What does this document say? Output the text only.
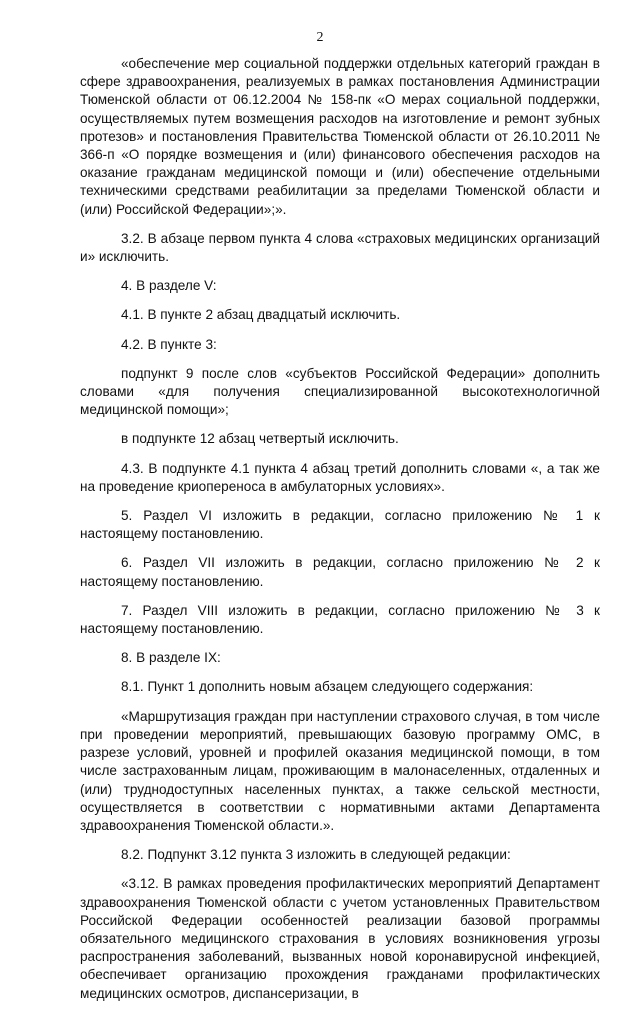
2

«обеспечение мер социальной поддержки отдельных категорий граждан в сфере здравоохранения, реализуемых в рамках постановления Администрации Тюменской области от 06.12.2004 № 158-пк «О мерах социальной поддержки, осуществляемых путем возмещения расходов на изготовление и ремонт зубных протезов» и постановления Правительства Тюменской области от 26.10.2011 № 366-п «О порядке возмещения и (или) финансового обеспечения расходов на оказание гражданам медицинской помощи и (или) обеспечение отдельными техническими средствами реабилитации за пределами Тюменской области и (или) Российской Федерации»;».

3.2. В абзаце первом пункта 4 слова «страховых медицинских организаций и» исключить.

4. В разделе V:

4.1. В пункте 2 абзац двадцатый исключить.

4.2. В пункте 3:

подпункт 9 после слов «субъектов Российской Федерации» дополнить словами «для получения специализированной высокотехнологичной медицинской помощи»;

в подпункте 12 абзац четвертый исключить.

4.3. В подпункте 4.1 пункта 4 абзац третий дополнить словами «, а так же на проведение криопереноса в амбулаторных условиях».

5. Раздел VI изложить в редакции, согласно приложению № 1 к настоящему постановлению.

6. Раздел VII изложить в редакции, согласно приложению № 2 к настоящему постановлению.

7. Раздел VIII изложить в редакции, согласно приложению № 3 к настоящему постановлению.

8. В разделе IX:

8.1. Пункт 1 дополнить новым абзацем следующего содержания:

«Маршрутизация граждан при наступлении страхового случая, в том числе при проведении мероприятий, превышающих базовую программу ОМС, в разрезе условий, уровней и профилей оказания медицинской помощи, в том числе застрахованным лицам, проживающим в малонаселенных, отдаленных и (или) труднодоступных населенных пунктах, а также сельской местности, осуществляется в соответствии с нормативными актами Департамента здравоохранения Тюменской области.».

8.2. Подпункт 3.12 пункта 3 изложить в следующей редакции:

«3.12. В рамках проведения профилактических мероприятий Департамент здравоохранения Тюменской области с учетом установленных Правительством Российской Федерации особенностей реализации базовой программы обязательного медицинского страхования в условиях возникновения угрозы распространения заболеваний, вызванных новой коронавирусной инфекцией, обеспечивает организацию прохождения гражданами профилактических медицинских осмотров, диспансеризации, в
